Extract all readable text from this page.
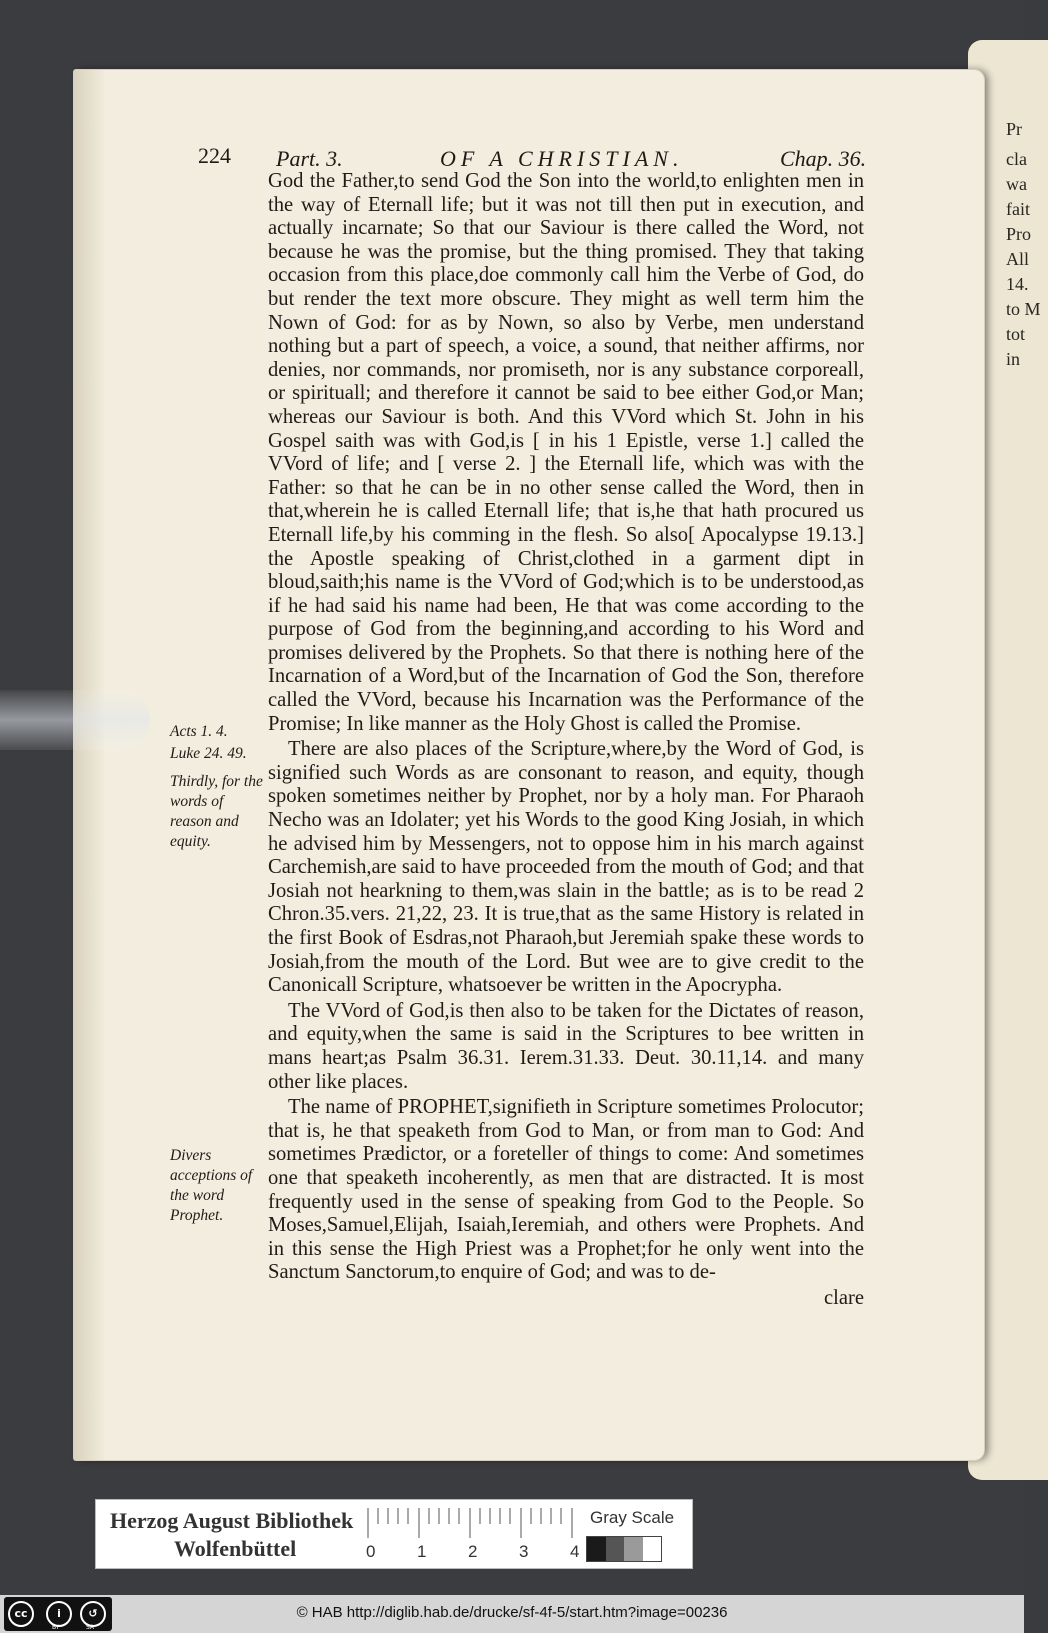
Pr
cla
wa
fait
Pro
All
14.
to M
tot
in
224 Part. 3.	OF A CHRISTIAN.	Chap. 36.

God the Father,to send God the Son into the world,to enlighten men in the way of Eternall life; but it was not till then put in execution, and actually incarnate; So that our Saviour is there called the Word, not because he was the promise, but the thing promised. They that taking occasion from this place,doe commonly call him the Verbe of God, do but render the text more obscure. They might as well term him the Nown of God: for as by Nown, so also by Verbe, men understand nothing but a part of speech, a voice, a sound, that neither affirms, nor denies, nor commands, nor promiseth, nor is any substance corporeall, or spirituall; and therefore it cannot be said to bee either God,or Man; whereas our Saviour is both. And this VVord which St. John in his Gospel saith was with God,is [ in his 1 Epistle, verse 1.] called the VVord of life; and [ verse 2. ] the Eternall life, which was with the Father: so that he can be in no other sense called the Word, then in that,wherein he is called Eternall life; that is,he that hath procured us Eternall life,by his comming in the flesh. So also[ Apocalypse 19.13.] the Apostle speaking of Christ,clothed in a garment dipt in bloud,saith;his name is the VVord of God;which is to be understood,as if he had said his name had been, He that was come according to the purpose of God from the beginning,and according to his Word and promises delivered by the Prophets. So that there is nothing here of the Incarnation of a Word,but of the Incarnation of God the Son, therefore called the VVord, because his Incarnation was the Performance of the Promise; In like manner as the Holy Ghost is called the Promise.

There are also places of the Scripture,where,by the Word of God, is signified such Words as are consonant to reason, and equity, though spoken sometimes neither by Prophet, nor by a holy man. For Pharaoh Necho was an Idolater; yet his Words to the good King Josiah, in which he advised him by Messengers, not to oppose him in his march against Carchemish,are said to have proceeded from the mouth of God; and that Josiah not hearkning to them,was slain in the battle; as is to be read 2 Chron.35.vers. 21,22, 23. It is true,that as the same History is related in the first Book of Esdras,not Pharaoh,but Jeremiah spake these words to Josiah,from the mouth of the Lord. But wee are to give credit to the Canonicall Scripture, whatsoever be written in the Apocrypha.

The VVord of God,is then also to be taken for the Dictates of reason, and equity,when the same is said in the Scriptures to bee written in mans heart;as Psalm 36.31. Ierem.31.33. Deut. 30.11,14. and many other like places.

The name of PROPHET,signifieth in Scripture sometimes Prolocutor; that is, he that speaketh from God to Man, or from man to God: And sometimes Prædictor, or a foreteller of things to come: And sometimes one that speaketh incoherently, as men that are distracted. It is most frequently used in the sense of speaking from God to the People. So Moses,Samuel,Elijah, Isaiah,Ieremiah, and others were Prophets. And in this sense the High Priest was a Prophet;for he only went into the Sanctum Sanctorum,to enquire of God; and was to de-

clare

Acts 1. 4.
Luke 24. 49.
Thirdly, for the words of reason and equity.
Divers acceptions of the word Prophet.
Herzog August Bibliothek
Wolfenbüttel	0 1 2 3 4
Gray Scale
cc	i	↺
BY	SA
© HAB http://diglib.hab.de/drucke/sf-4f-5/start.htm?image=00236
